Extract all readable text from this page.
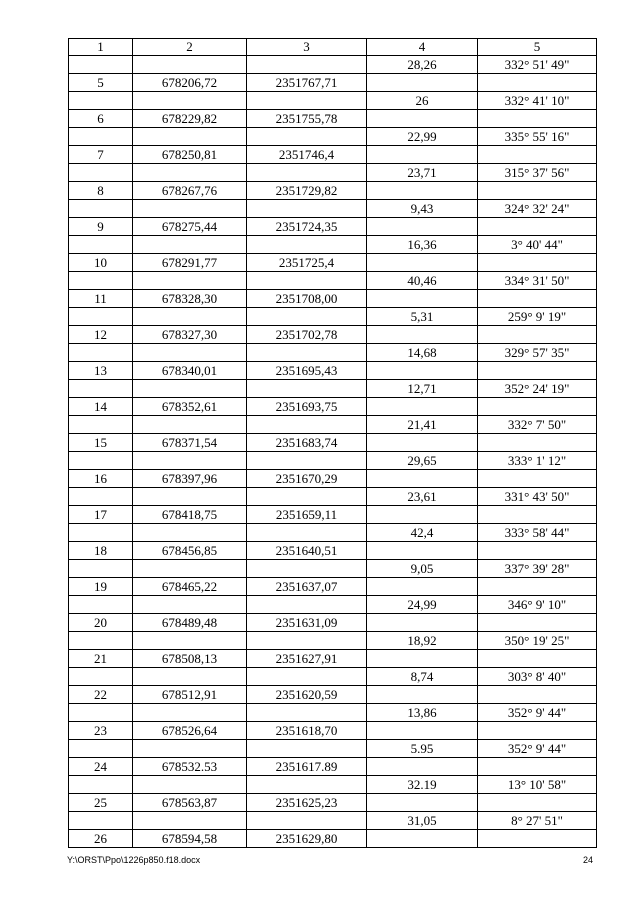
1	2	3	4	5
			28,26	332° 51' 49"
5	678206,72	2351767,71		
			26	332° 41' 10"
6	678229,82	2351755,78		
			22,99	335° 55' 16"
7	678250,81	2351746,4		
			23,71	315° 37' 56"
8	678267,76	2351729,82		
			9,43	324° 32' 24"
9	678275,44	2351724,35		
			16,36	3° 40' 44"
10	678291,77	2351725,4		
			40,46	334° 31' 50"
11	678328,30	2351708,00		
			5,31	259° 9' 19"
12	678327,30	2351702,78		
			14,68	329° 57' 35"
13	678340,01	2351695,43		
			12,71	352° 24' 19"
14	678352,61	2351693,75		
			21,41	332° 7' 50"
15	678371,54	2351683,74		
			29,65	333° 1' 12"
16	678397,96	2351670,29		
			23,61	331° 43' 50"
17	678418,75	2351659,11		
			42,4	333° 58' 44"
18	678456,85	2351640,51		
			9,05	337° 39' 28"
19	678465,22	2351637,07		
			24,99	346° 9' 10"
20	678489,48	2351631,09		
			18,92	350° 19' 25"
21	678508,13	2351627,91		
			8,74	303° 8' 40"
22	678512,91	2351620,59		
			13,86	352° 9' 44"
23	678526,64	2351618,70		
			5.95	352° 9' 44"
24	678532.53	2351617.89		
			32.19	13° 10' 58"
25	678563,87	2351625,23		
			31,05	8° 27' 51"
26	678594,58	2351629,80		
Y:\ORST\Ppo\1226p850.f18.docx	24
